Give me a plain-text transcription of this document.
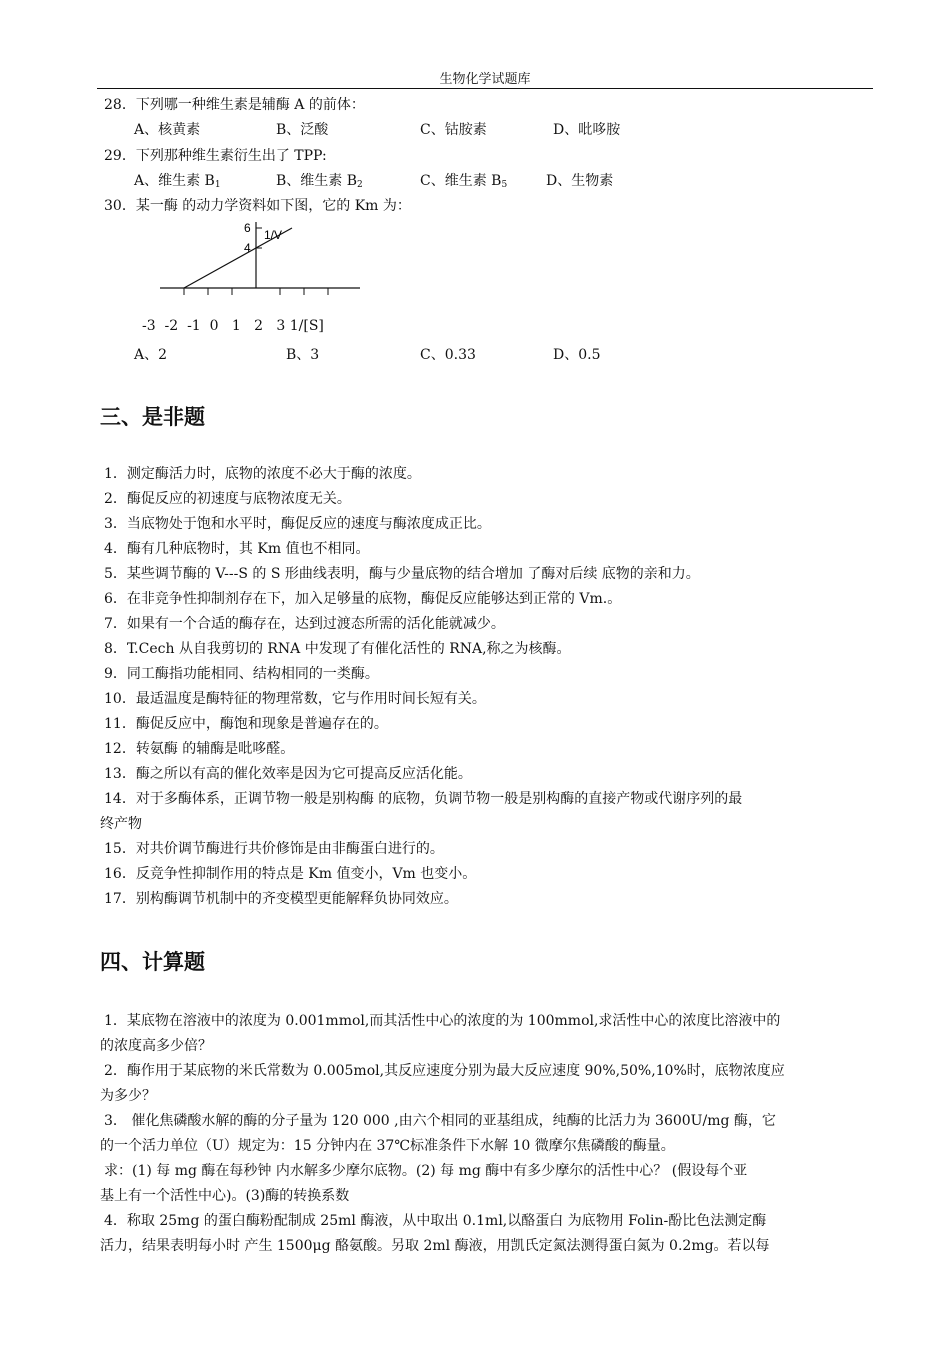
生物化学试题库
28．下列哪一种维生素是辅酶 A 的前体：
A、核黄素	B、泛酸	C、钴胺素	D、吡哆胺
29．下列那种维生素衍生出了 TPP:
A、维生素 $B_1$	B、维生素 $B_2$	C、维生素 $B_5$	D、生物素
30．某一酶 的动力学资料如下图，它的 Km 为：
4
6 1/V
-3  -2  -1  0   1   2   3 1/[S]
A、2	B、3	C、0.33	D、0.5
三、是非题
1．测定酶活力时，底物的浓度不必大于酶的浓度。
2．酶促反应的初速度与底物浓度无关。
3．当底物处于饱和水平时，酶促反应的速度与酶浓度成正比。
4．酶有几种底物时，其 Km 值也不相同。
5．某些调节酶的 V---S 的 S 形曲线表明，酶与少量底物的结合增加 了酶对后续 底物的亲和力。
6．在非竞争性抑制剂存在下，加入足够量的底物，酶促反应能够达到正常的 Vm.。
7．如果有一个合适的酶存在，达到过渡态所需的活化能就减少。
8．T.Cech 从自我剪切的 RNA 中发现了有催化活性的 RNA,称之为核酶。
9．同工酶指功能相同、结构相同的一类酶。
10．最适温度是酶特征的物理常数，它与作用时间长短有关。
11．酶促反应中，酶饱和现象是普遍存在的。
12．转氨酶 的辅酶是吡哆醛。
13．酶之所以有高的催化效率是因为它可提高反应活化能。
14．对于多酶体系，正调节物一般是别构酶 的底物，负调节物一般是别构酶的直接产物或代谢序列的最
终产物
15．对共价调节酶进行共价修饰是由非酶蛋白进行的。
16．反竞争性抑制作用的特点是 Km 值变小，Vm 也变小。
17．别构酶调节机制中的齐变模型更能解释负协同效应。
四、计算题
1．某底物在溶液中的浓度为 0.001mmol,而其活性中心的浓度的为 100mmol,求活性中心的浓度比溶液中的
的浓度高多少倍？
2．酶作用于某底物的米氏常数为 0.005mol,其反应速度分别为最大反应速度 90%,50%,10%时，底物浓度应
为多少？
3． 催化焦磷酸水解的酶的分子量为 120 000 ,由六个相同的亚基组成，纯酶的比活力为 3600U/mg 酶，它
的一个活力单位（U）规定为：15 分钟内在 37℃标准条件下水解 10 微摩尔焦磷酸的酶量。
求：(1) 每 mg 酶在每秒钟 内水解多少摩尔底物。(2) 每 mg 酶中有多少摩尔的活性中心？ (假设每个亚
基上有一个活性中心)。(3)酶的转换系数
4．称取 25mg 的蛋白酶粉配制成 25ml 酶液，从中取出 0.1ml,以酪蛋白 为底物用 Folin-酚比色法测定酶
活力，结果表明每小时 产生 1500μg 酪氨酸。另取 2ml 酶液，用凯氏定氮法测得蛋白氮为 0.2mg。若以每
